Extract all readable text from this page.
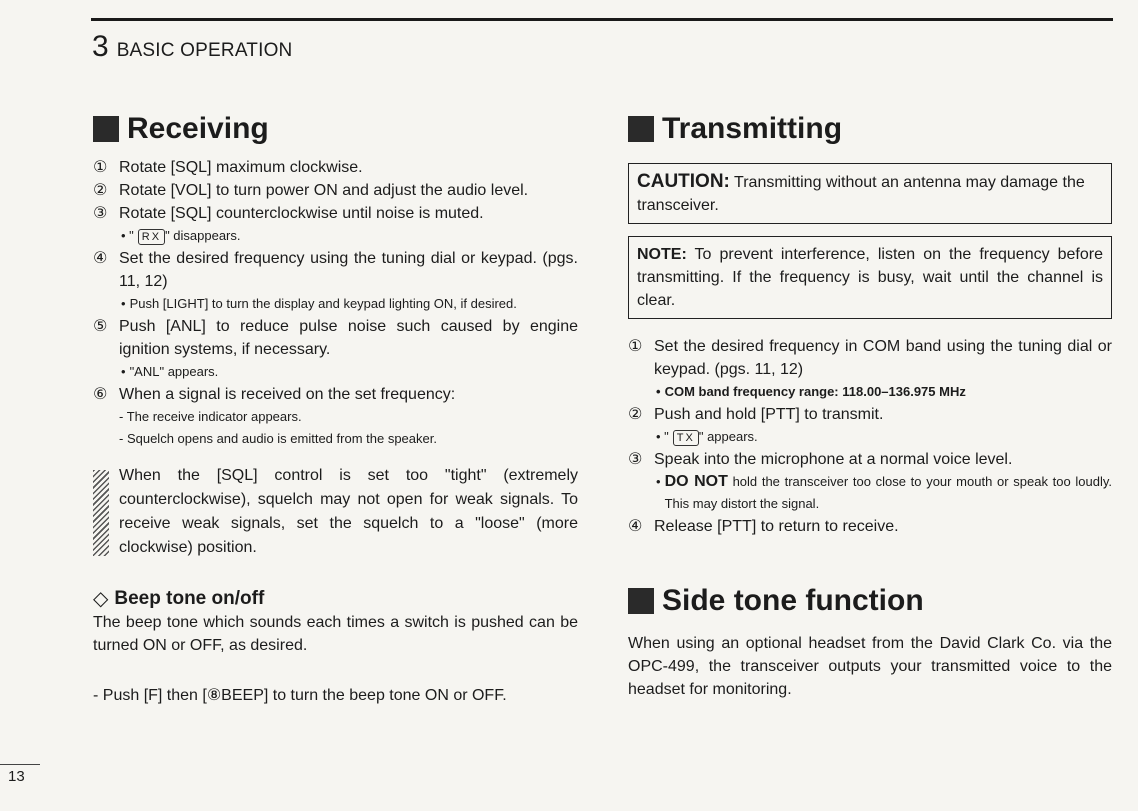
3 BASIC OPERATION
Receiving
① Rotate [SQL] maximum clockwise.
② Rotate [VOL] to turn power ON and adjust the audio level.
③ Rotate [SQL] counterclockwise until noise is muted.
• " RX " disappears.
④ Set the desired frequency using the tuning dial or keypad. (pgs. 11, 12)
• Push [LIGHT] to turn the display and keypad lighting ON, if desired.
⑤ Push [ANL] to reduce pulse noise such caused by engine ignition systems, if necessary.
• "ANL" appears.
⑥ When a signal is received on the set frequency:
- The receive indicator appears.
- Squelch opens and audio is emitted from the speaker.
When the [SQL] control is set too "tight" (extremely counterclockwise), squelch may not open for weak signals. To receive weak signals, set the squelch to a "loose" (more clockwise) position.
◇ Beep tone on/off
The beep tone which sounds each times a switch is pushed can be turned ON or OFF, as desired.
- Push [F] then [⑧BEEP] to turn the beep tone ON or OFF.
Transmitting
CAUTION: Transmitting without an antenna may damage the transceiver.
NOTE: To prevent interference, listen on the frequency before transmitting. If the frequency is busy, wait until the channel is clear.
① Set the desired frequency in COM band using the tuning dial or keypad. (pgs. 11, 12)
• COM band frequency range: 118.00–136.975 MHz
② Push and hold [PTT] to transmit.
• " TX " appears.
③ Speak into the microphone at a normal voice level.
• DO NOT hold the transceiver too close to your mouth or speak too loudly. This may distort the signal.
④ Release [PTT] to return to receive.
Side tone function
When using an optional headset from the David Clark Co. via the OPC-499, the transceiver outputs your transmitted voice to the headset for monitoring.
13
